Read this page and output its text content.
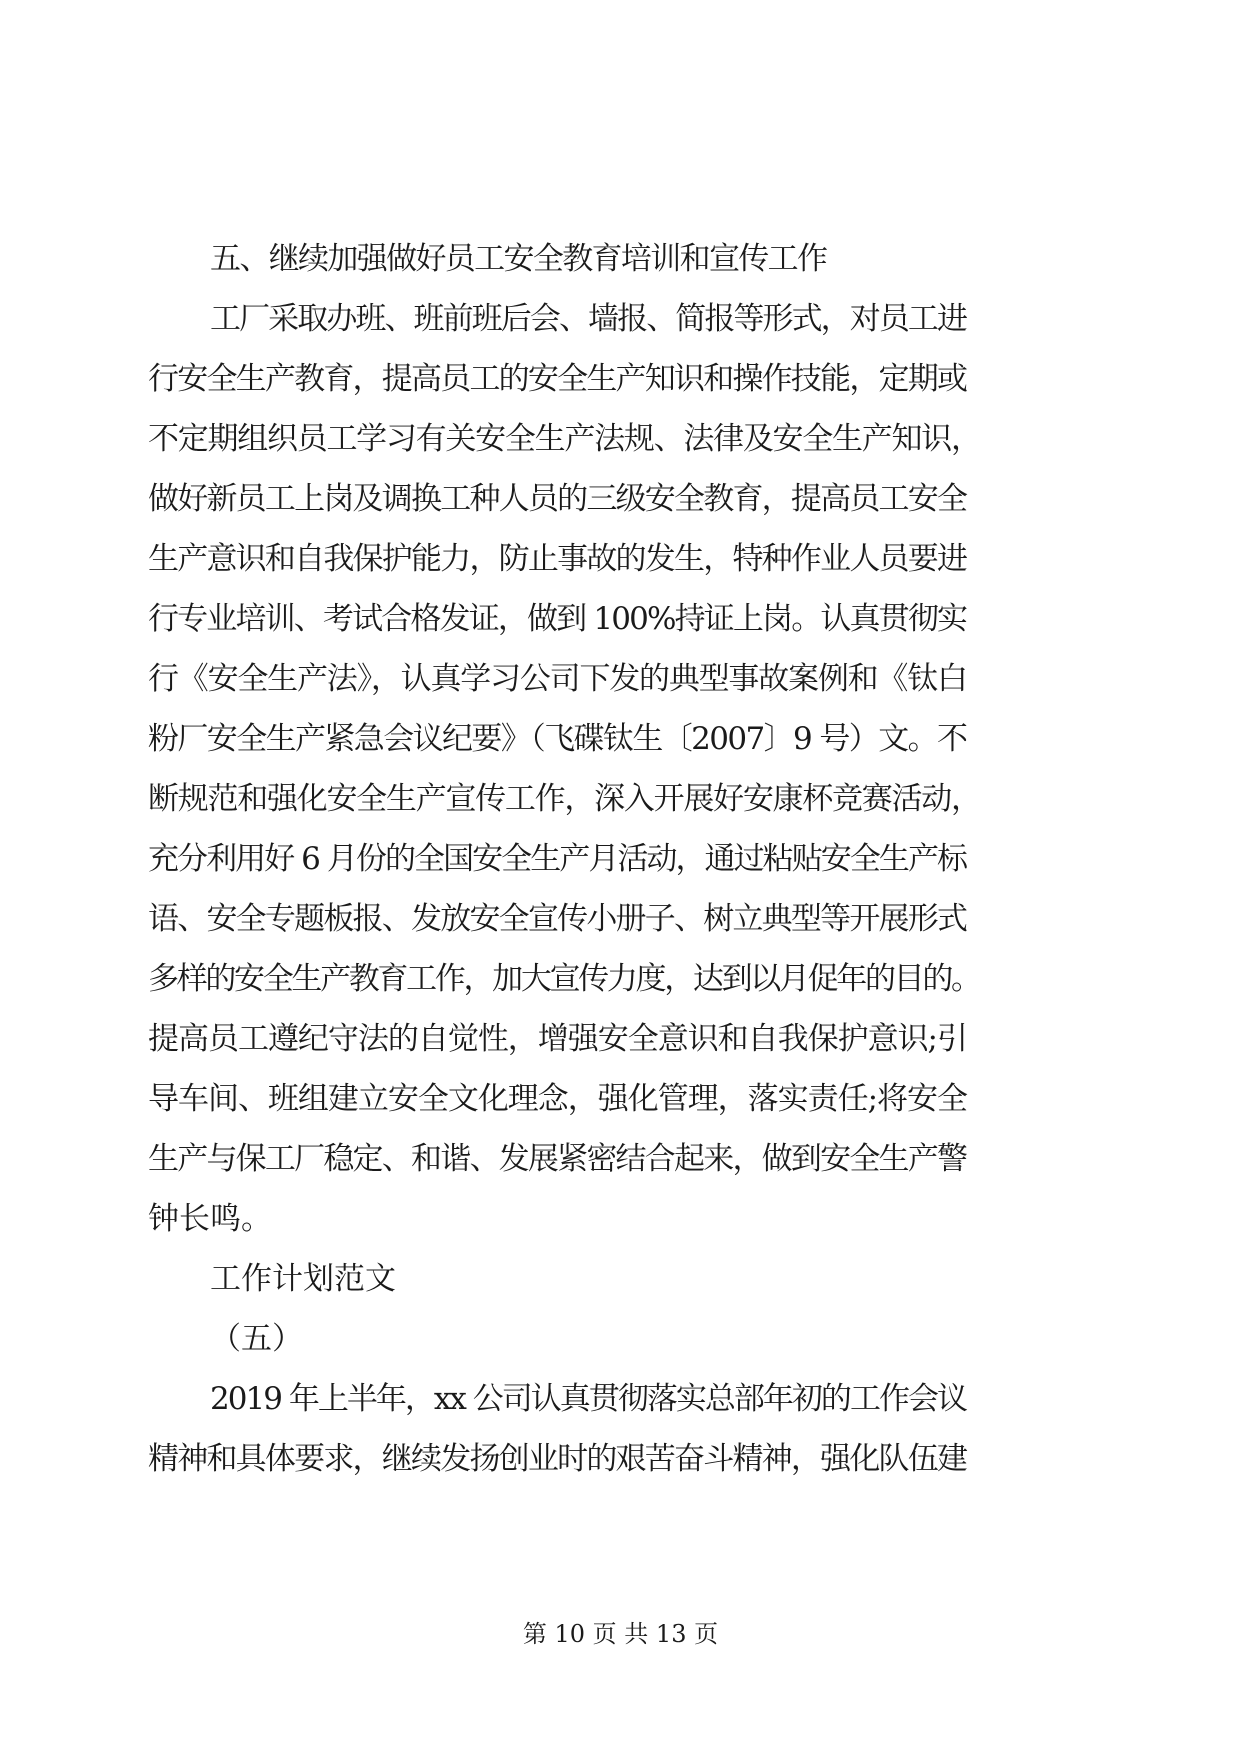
五、继续加强做好员工安全教育培训和宣传工作
工厂采取办班、班前班后会、墙报、简报等形式，对员工进
行安全生产教育，提高员工的安全生产知识和操作技能，定期或
不定期组织员工学习有关安全生产法规、法律及安全生产知识，
做好新员工上岗及调换工种人员的三级安全教育，提高员工安全
生产意识和自我保护能力，防止事故的发生，特种作业人员要进
行专业培训、考试合格发证，做到 100%持证上岗。认真贯彻实
行《安全生产法》，认真学习公司下发的典型事故案例和《钛白
粉厂安全生产紧急会议纪要》（飞碟钛生〔2007〕9 号）文。不
断规范和强化安全生产宣传工作，深入开展好安康杯竞赛活动，
充分利用好 6 月份的全国安全生产月活动，通过粘贴安全生产标
语、安全专题板报、发放安全宣传小册子、树立典型等开展形式
多样的安全生产教育工作，加大宣传力度，达到以月促年的目的。
提高员工遵纪守法的自觉性，增强安全意识和自我保护意识;引
导车间、班组建立安全文化理念，强化管理，落实责任;将安全
生产与保工厂稳定、和谐、发展紧密结合起来，做到安全生产警
钟长鸣。
工作计划范文
（五）
2019 年上半年，xx 公司认真贯彻落实总部年初的工作会议
精神和具体要求，继续发扬创业时的艰苦奋斗精神，强化队伍建
第 10 页 共 13 页
